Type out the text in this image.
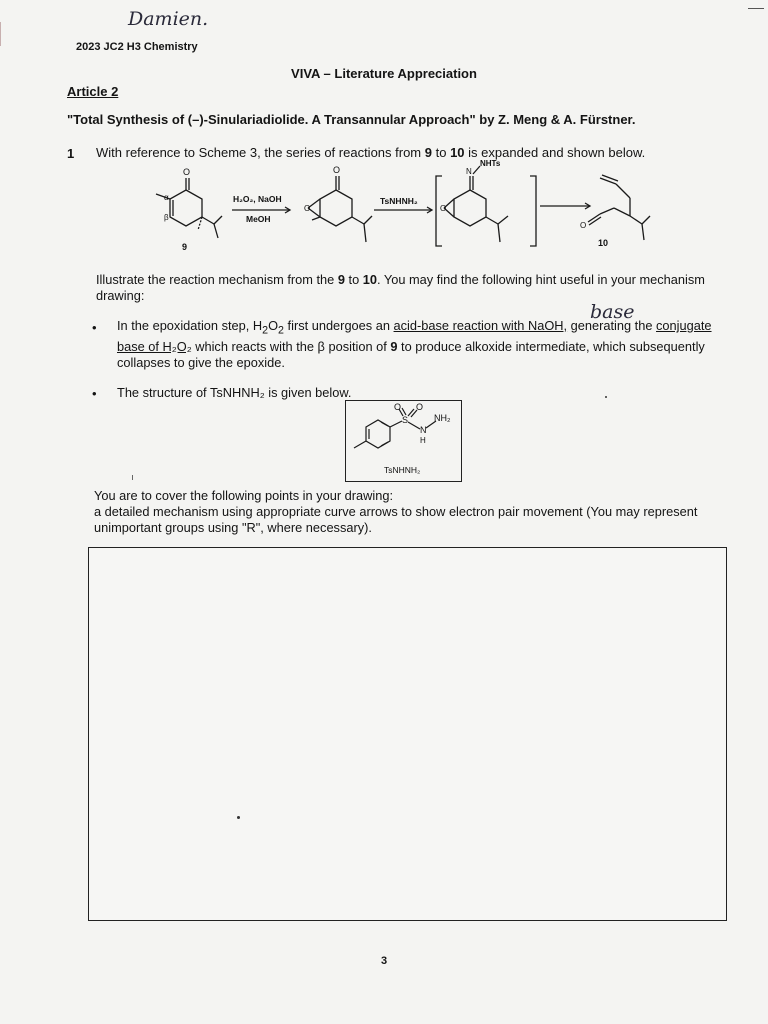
Damien.
2023 JC2 H3 Chemistry
VIVA – Literature Appreciation
Article 2
"Total Synthesis of (–)-Sinulariadiolide. A Transannular Approach" by Z. Meng & A. Fürstner.
1 With reference to Scheme 3, the series of reactions from 9 to 10 is expanded and shown below.
O
α
β
9
H₂O₂, NaOH
MeOH
O
O
TsNHNH₂
N
NHTs
O
O
10
Illustrate the reaction mechanism from the 9 to 10. You may find the following hint useful in your mechanism drawing:
• In the epoxidation step, $H_2O_2$ first undergoes an acid-base reaction with NaOH, generating the conjugate base of H₂O₂ which reacts with the β position of 9 to produce alkoxide intermediate, which subsequently collapses to give the epoxide.
base
• The structure of TsNHNH₂ is given below.
O O
S
N
H
NH₂
TsNHNH₂
You are to cover the following points in your drawing:
a detailed mechanism using appropriate curve arrows to show electron pair movement (You may represent unimportant groups using "R", where necessary).
3
